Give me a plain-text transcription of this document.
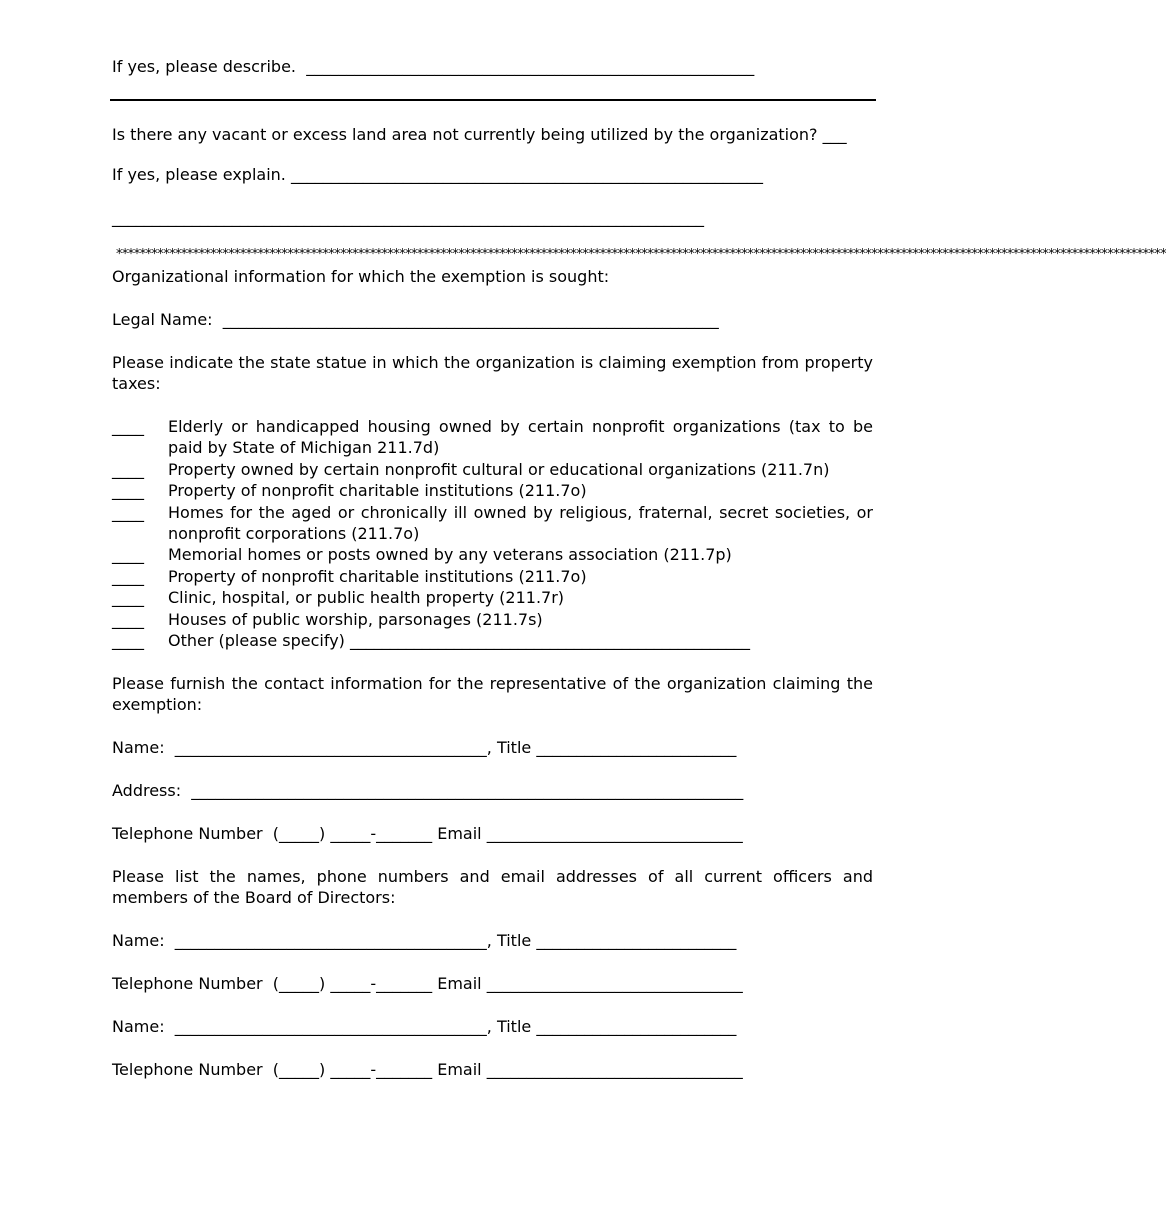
If yes, please describe.  ________________________________________________________
Is there any vacant or excess land area not currently being utilized by the organization? ___
If yes, please explain. ___________________________________________________________
__________________________________________________________________________
**********************************************************************************************************************************************************************************
Organizational information for which the exemption is sought:
Legal Name:  ______________________________________________________________
Please indicate the state statue in which the organization is claiming exemption from property taxes:
____ Elderly or handicapped housing owned by certain nonprofit organizations (tax to be paid by State of Michigan 211.7d)
____ Property owned by certain nonprofit cultural or educational organizations (211.7n)
____ Property of nonprofit charitable institutions (211.7o)
____ Homes for the aged or chronically ill owned by religious, fraternal, secret societies, or nonprofit corporations (211.7o)
____ Memorial homes or posts owned by any veterans association (211.7p)
____ Property of nonprofit charitable institutions (211.7o)
____ Clinic, hospital, or public health property (211.7r)
____ Houses of public worship, parsonages (211.7s)
____ Other (please specify) __________________________________________________
Please furnish the contact information for the representative of the organization claiming the exemption:
Name:  _______________________________________, Title _________________________
Address:  _____________________________________________________________________
Telephone Number  (_____) _____-_______ Email ________________________________
Please list the names, phone numbers and email addresses of all current officers and members of the Board of Directors:
Name:  _______________________________________, Title _________________________
Telephone Number  (_____) _____-_______ Email ________________________________
Name:  _______________________________________, Title _________________________
Telephone Number  (_____) _____-_______ Email ________________________________
